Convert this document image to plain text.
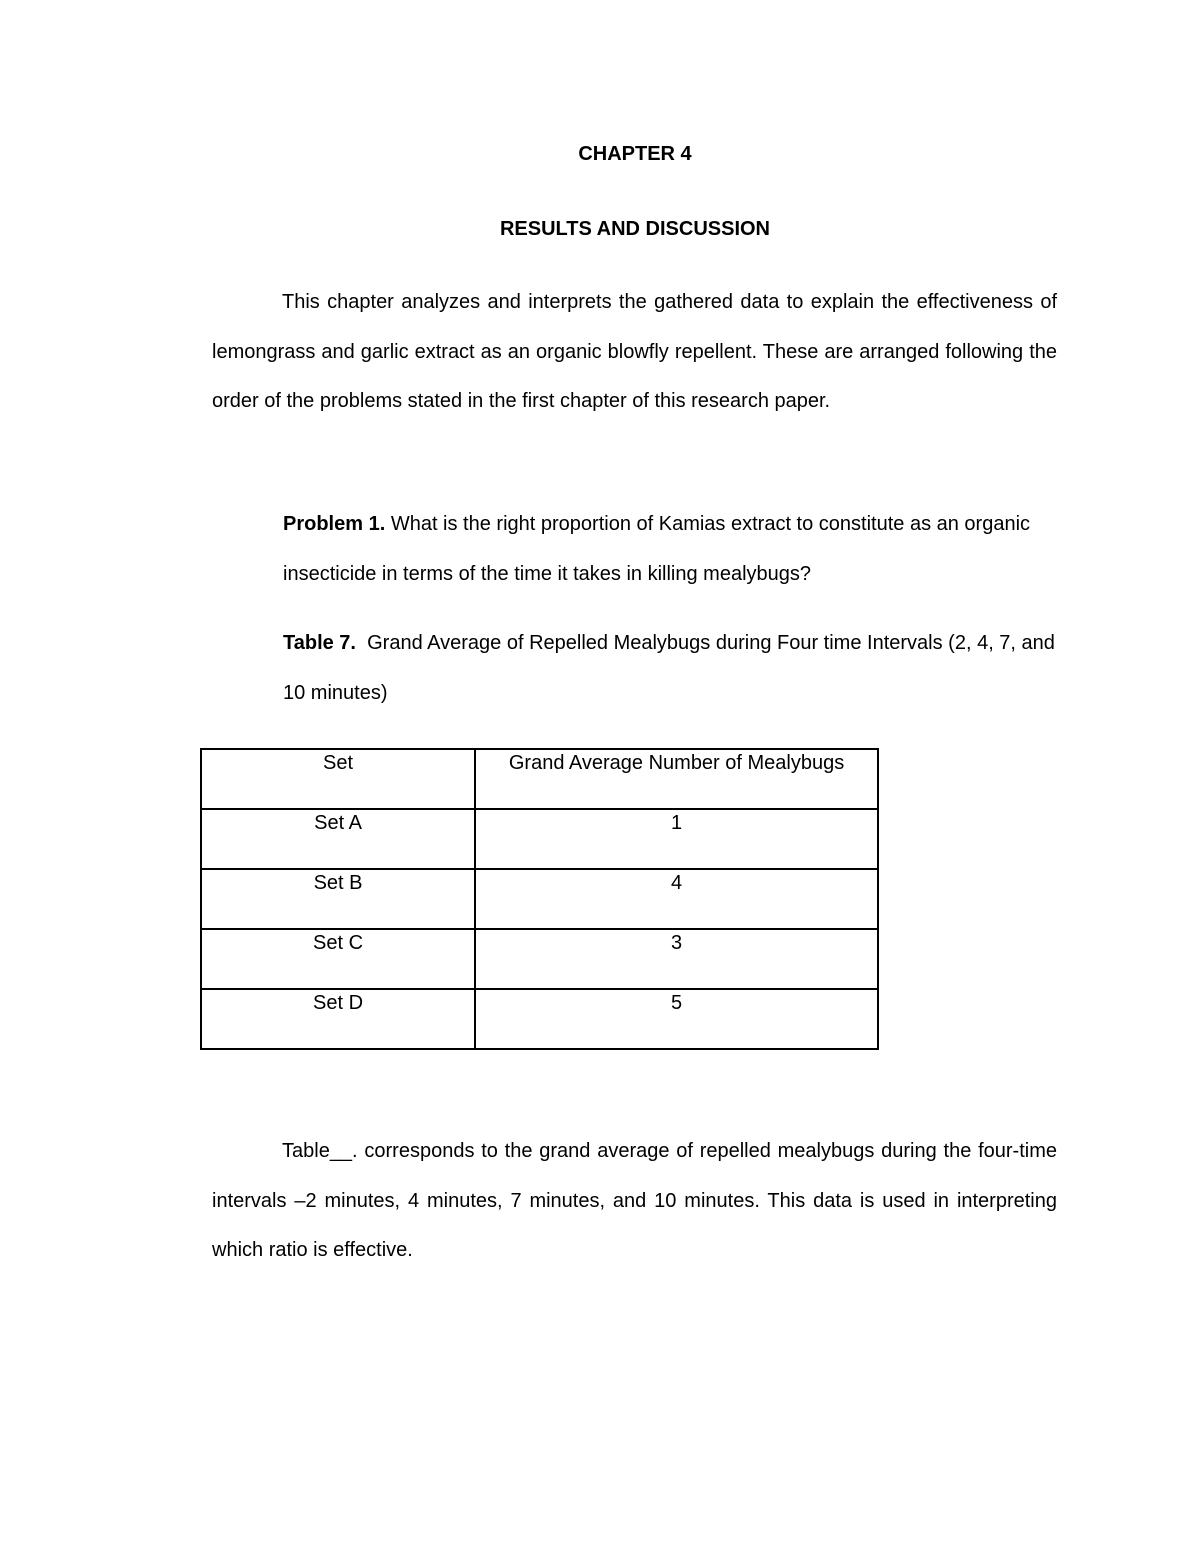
CHAPTER 4
RESULTS AND DISCUSSION

This chapter analyzes and interprets the gathered data to explain the effectiveness of lemongrass and garlic extract as an organic blowfly repellent. These are arranged following the order of the problems stated in the first chapter of this research paper.

Problem 1. What is the right proportion of Kamias extract to constitute as an organic insecticide in terms of the time it takes in killing mealybugs?

Table 7.  Grand Average of Repelled Mealybugs during Four time Intervals (2, 4, 7, and 10 minutes)

Set	Grand Average Number of Mealybugs
Set A	1
Set B	4
Set C	3
Set D	5

Table__. corresponds to the grand average of repelled mealybugs during the four-time intervals –2 minutes, 4 minutes, 7 minutes, and 10 minutes. This data is used in interpreting which ratio is effective.
